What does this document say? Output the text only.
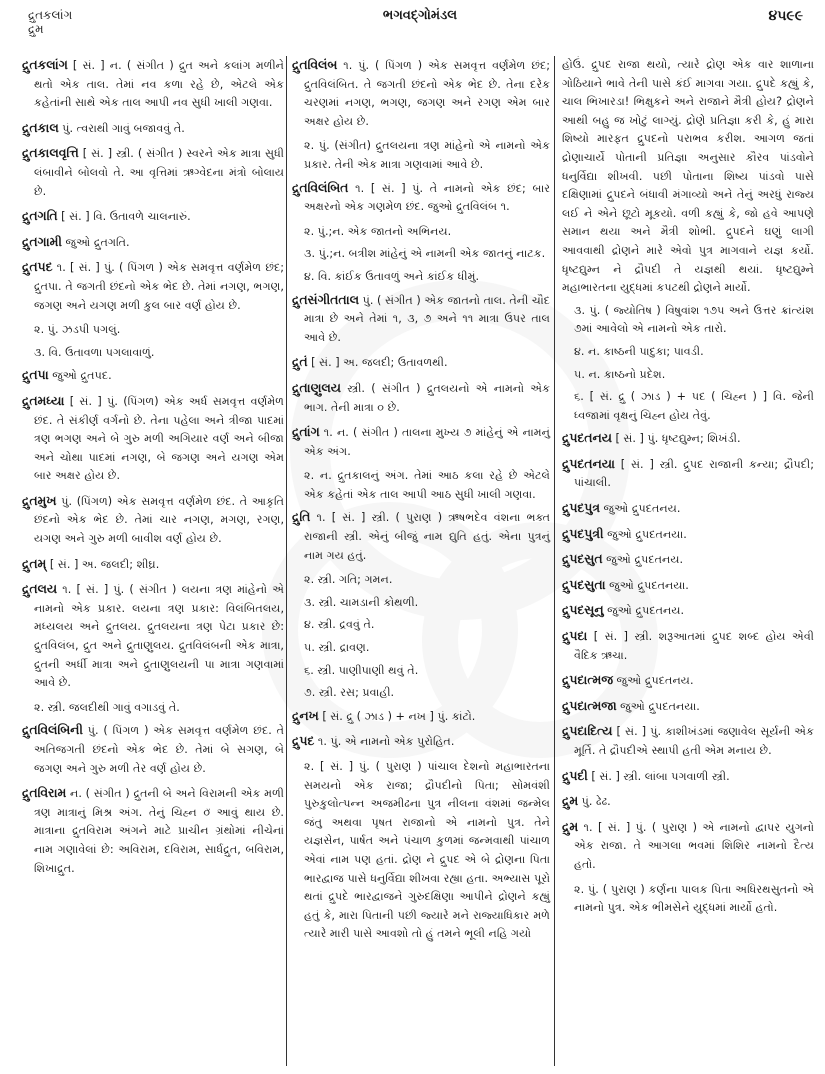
દ્રુતકલાંગ
દ્રુમ
ભગવદ્ગોમંડલ	૪૫૯૯
દ્રુતકલાંગ [ સં. ] ન. ( સંગીત ) દ્રુત અને કલાંગ મળીને થતો એક તાલ. તેમાં નવ કળા રહે છે, એટલે એક કહેતાંની સાથે એક તાલ આપી નવ સુધી ખાલી ગણવા.
દ્રુતકાલ પું. ત્વરાથી ગાવું બજાવવું તે.
દ્રુતકાલવૃત્તિ [ સં. ] સ્ત્રી. ( સંગીત ) સ્વરને એક માત્રા સુધી લંબાવીને બોલવો તે. આ વૃત્તિમાં ઋગ્વેદના મંત્રો બોલાય છે.
દ્રુતગતિ [ સં. ] વિ. ઉતાવળે ચાલનારું.
દ્રુતગામી જુઓ દ્રુતગતિ.
દ્રુતપદ ૧. [ સં. ] પું. ( પિંગળ ) એક સમવૃત્ત વર્ણમેળ છંદ; દ્રુતપા. તે જગતી છંદનો એક ભેદ છે. તેમાં નગણ, ભગણ, જગણ અને યગણ મળી કુલ બાર વર્ણ હોય છે.
૨. પું. ઝડપી પગલું.
૩. વિ. ઉતાવળા પગલાવાળું.
દ્રુતપા જુઓ દ્રુતપદ.
દ્રુતમધ્યા [ સં. ] પું. (પિંગળ) એક અર્ધ સમવૃત્ત વર્ણમેળ છંદ. તે સંકીર્ણ વર્ગનો છે. તેના પહેલા અને ત્રીજા પાદમાં ત્રણ ભગણ અને બે ગુરુ મળી અગિયાર વર્ણ અને બીજા અને ચોથા પાદમાં નગણ, બે જગણ અને યગણ એમ બાર અક્ષર હોય છે.
દ્રુતમુખ પું. (પિંગળ) એક સમવૃત્ત વર્ણમેળ છંદ. તે આકૃતિ છંદનો એક ભેદ છે. તેમાં ચાર નગણ, મગણ, રગણ, યગણ અને ગુરુ મળી બાવીશ વર્ણ હોય છે.
દ્રુતમ્ [ સં. ] અ. જલદી; શીઘ્ર.
દ્રુતલય ૧. [ સં. ] પું. ( સંગીત ) લયના ત્રણ માંહેનો એ નામનો એક પ્રકાર. લયના ત્રણ પ્રકાર: વિલંબિતલય, મધ્યલય અને દ્રુતલય. દ્રુતલયના ત્રણ પેટા પ્રકાર છે: દ્રુતવિલંબ, દ્રુત અને દ્રુતાણુલય. દ્રુતવિલંબની એક માત્રા, દ્રુતની અર્ધી માત્રા અને દ્રુતાણુલયની પા માત્રા ગણવામાં આવે છે.
૨. સ્ત્રી. જલદીથી ગાવું વગાડવું તે.
દ્રુતવિલંબિની પું. ( પિંગળ ) એક સમવૃત્ત વર્ણમેળ છંદ. તે અતિજગતી છંદનો એક ભેદ છે. તેમાં બે સગણ, બે જગણ અને ગુરુ મળી તેર વર્ણ હોય છે.
દ્રુતવિરામ ન. ( સંગીત ) દ્રુતની બે અને વિરામની એક મળી ત્રણ માત્રાનું મિશ્ર અંગ. તેનું ચિહ્ન ૦̆ આવું થાય છે. માત્રાના દ્રુતવિરામ અંગને માટે પ્રાચીન ગ્રંથોમાં નીચેનાં નામ ગણાવેલાં છે: અવિરામ, દવિરામ, સાર્ધદ્રુત, બવિરામ, શિખાદ્રુત.
દ્રુતવિલંબ ૧. પું. ( પિંગળ ) એક સમવૃત્ત વર્ણમેળ છંદ; દ્રુતવિલંબિત. તે જગતી છંદનો એક ભેદ છે. તેના દરેક ચરણમાં નગણ, ભગણ, જગણ અને રગણ એમ બાર અક્ષર હોય છે.
૨. પું. (સંગીત) દ્રુતલયના ત્રણ માંહેનો એ નામનો એક પ્રકાર. તેની એક માત્રા ગણવામાં આવે છે.
દ્રુતવિલંબિત ૧. [ સં. ] પું. તે નામનો એક છંદ; બાર અક્ષરનો એક ગણમેળ છંદ. જુઓ દ્રુતવિલંબ ૧.
૨. પું.;ન. એક જાતનો અભિનય.
૩. પું.;ન. બત્રીશ માંહેનું એ નામની એક જાતનું નાટક.
૪. વિ. કાંઈક ઉતાવળું અને કાંઈક ધીમું.
દ્રુતસંગીતતાલ પું. ( સંગીત ) એક જાતનો તાલ. તેની ચૌદ માત્રા છે અને તેમાં ૧, ૩, ૭ અને ૧૧ માત્રા ઉપર તાલ આવે છે.
દ્રુતં [ સં. ] અ. જલદી; ઉતાવળથી.
દ્રુતાણુલય સ્ત્રી. ( સંગીત ) દ્રુતલયનો એ નામનો એક ભાગ. તેની માત્રા ૦ છે.
દ્રુતાંગ ૧. ન. ( સંગીત ) તાલના મુખ્ય ૭ માંહેનું એ નામનું એક અંગ.
૨. ન. દ્રુતકાલનું અંગ. તેમાં આઠ કલા રહે છે એટલે એક કહેતાં એક તાલ આપી આઠ સુધી ખાલી ગણવા.
દ્રુતિ ૧. [ સં. ] સ્ત્રી. ( પુરાણ ) ઋષભદેવ વંશના ભક્ત રાજાની સ્ત્રી. એનું બીજું નામ દ્યુતિ હતું. એના પુત્રનું નામ ગય હતું.
૨. સ્ત્રી. ગતિ; ગમન.
૩. સ્ત્રી. ચામડાની કોથળી.
૪. સ્ત્રી. દ્રવવું તે.
૫. સ્ત્રી. દ્રાવણ.
૬. સ્ત્રી. પાણીપાણી થવું તે.
૭. સ્ત્રી. રસ; પ્રવાહી.
દ્રુનખ [ સં. દ્રુ ( ઝાડ ) + નખ ] પું. કાંટો.
દ્રુપદ ૧. પું. એ નામનો એક પુરોહિત.
૨. [ સં. ] પું. ( પુરાણ ) પાંચાલ દેશનો મહાભારતના સમયનો એક રાજા; દ્રૌપદીનો પિતા; સોમવંશી પુરુકુલોત્પન્ન અજમીઢના પુત્ર નીલના વંશમાં જન્મેલ જંતુ અથવા પૃષત રાજાનો એ નામનો પુત્ર. તેને યજ્ઞસેન, પાર્ષત અને પંચાળ કુળમાં જન્મવાથી પાંચાળ એવાં નામ પણ હતાં. દ્રોણ ને દ્રુપદ એ બે દ્રોણના પિતા ભારદ્વાજ પાસે ધનુર્વિદ્યા શીખવા રહ્યા હતા. અભ્યાસ પૂરો થતાં દ્રુપદે ભારદ્વાજને ગુરુદક્ષિણા આપીને દ્રોણને કહ્યું હતું કે, મારા પિતાની પછી જ્યારે મને રાજ્યાધિકાર મળે ત્યારે મારી પાસે આવશો તો હું તમને ભૂલી નહિ ગયો
હોઉં. દ્રુપદ રાજા થયો, ત્યારે દ્રોણ એક વાર શાળાના ગોઠિયાને ભાવે તેની પાસે કંઈ માગવા ગયા. દ્રુપદે કહ્યું કે, ચાલ ભિખારડા! ભિક્ષુકને અને રાજાને મૈત્રી હોય? દ્રોણને આથી બહુ જ ખોટું લાગ્યું. દ્રોણે પ્રતિજ્ઞા કરી કે, હું મારા શિષ્યો મારફત દ્રુપદનો પરાભવ કરીશ. આગળ જતાં દ્રોણાચાર્યે પોતાની પ્રતિજ્ઞા અનુસાર કૌરવ પાંડવોને ધનુર્વિદ્યા શીખવી. પછી પોતાના શિષ્ય પાંડવો પાસે દક્ષિણામાં દ્રુપદને બંધાવી મંગાવ્યો અને તેનું અરધું રાજ્ય લઈ ને એને છૂટો મૂકયો. વળી કહ્યું કે, જો હવે આપણે સમાન થયા અને મૈત્રી શોભી. દ્રુપદને ઘણું લાગી આવવાથી દ્રોણને મારે એવો પુત્ર માગવાને યજ્ઞ કર્યો. ધૃષ્ટદ્યુમ્ન ને દ્રૌપદી તે યજ્ઞથી થયાં. ધૃષ્ટદ્યુમ્ને મહાભારતના યુદ્ધમાં કપટથી દ્રોણને માર્યો.
૩. પું. ( જ્યોતિષ ) વિષુવાંશ ૧૭૫ અને ઉત્તર ક્રાંત્યંશ ૭માં આવેલો એ નામનો એક તારો.
૪. ન. કાષ્ઠની પાદુકા; પાવડી.
૫. ન. કાષ્ઠનો પ્રદેશ.
૬. [ સં. દ્રુ ( ઝાડ ) + પદ ( ચિહ્ન ) ] વિ. જેની ધ્વજામાં વૃક્ષનું ચિહ્ન હોય તેવું.
દ્રુપદતનય [ સં. ] પું. ધૃષ્ટદ્યુમ્ન; શિખંડી.
દ્રુપદતનયા [ સં. ] સ્ત્રી. દ્રુપદ રાજાની કન્યા; દ્રૌપદી; પાંચાલી.
દ્રુપદપુત્ર જુઓ દ્રુપદતનય.
દ્રુપદપુત્રી જુઓ દ્રુપદતનયા.
દ્રુપદસુત જુઓ દ્રુપદતનય.
દ્રુપદસુતા જુઓ દ્રુપદતનયા.
દ્રુપદસૂનુ જુઓ દ્રુપદતનય.
દ્રુપદા [ સં. ] સ્ત્રી. શરૂઆતમાં દ્રુપદ શબ્દ હોય એવી વૈદિક ઋચા.
દ્રુપદાત્મજ જુઓ દ્રુપદતનય.
દ્રુપદાત્મજા જુઓ દ્રુપદતનયા.
દ્રુપદાદિત્ય [ સં. ] પું. કાશીખંડમાં જણાવેલ સૂર્યની એક મૂર્તિ. તે દ્રૌપદીએ સ્થાપી હતી એમ મનાય છે.
દ્રુપદી [ સં. ] સ્ત્રી. લાંબા પગવાળી સ્ત્રી.
દ્રુમ પું. ઢેઢ.
દ્રુમ ૧. [ સં. ] પું. ( પુરાણ ) એ નામનો દ્વાપર યુગનો એક રાજા. તે આગલા ભવમાં શિશિર નામનો દૈત્ય હતો.
૨. પું. ( પુરાણ ) કર્ણના પાલક પિતા અધિરથસુતનો એ નામનો પુત્ર. એક ભીમસેને યુદ્ધમાં માર્યો હતો.
